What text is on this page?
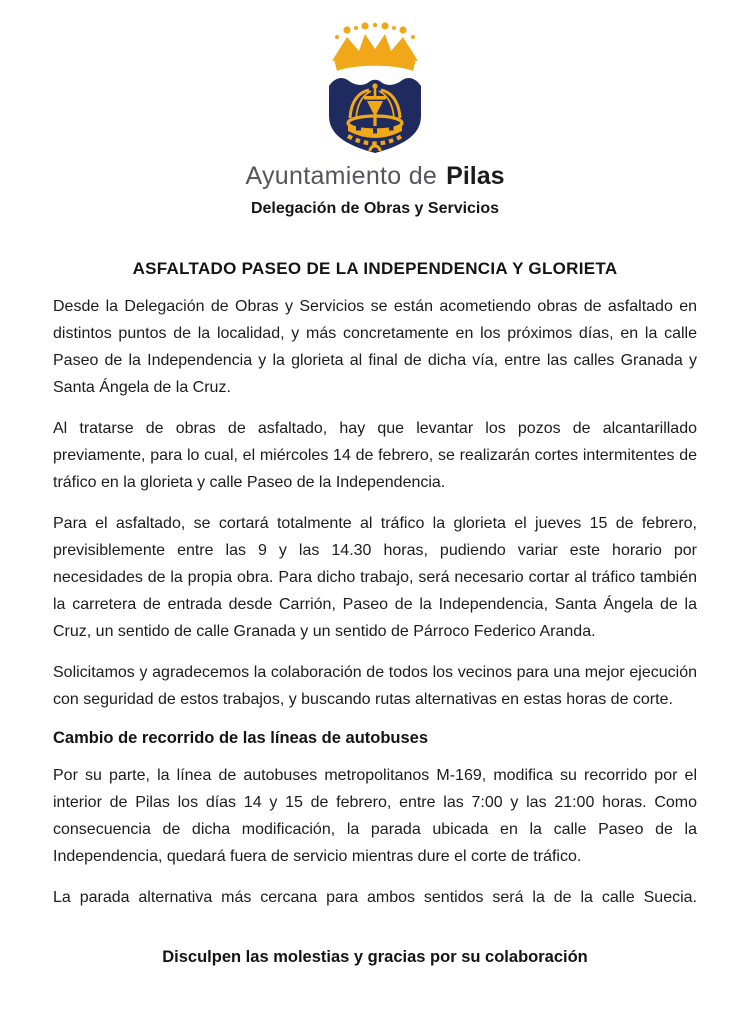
Ayuntamiento de Pilas
Delegación de Obras y Servicios
ASFALTADO PASEO DE LA INDEPENDENCIA Y GLORIETA

Desde la Delegación de Obras y Servicios se están acometiendo obras de asfaltado en distintos puntos de la localidad, y más concretamente en los próximos días, en la calle Paseo de la Independencia y la glorieta al final de dicha vía, entre las calles Granada y Santa Ángela de la Cruz.

Al tratarse de obras de asfaltado, hay que levantar los pozos de alcantarillado previamente, para lo cual, el miércoles 14 de febrero, se realizarán cortes intermitentes de tráfico en la glorieta y calle Paseo de la Independencia.

Para el asfaltado, se cortará totalmente al tráfico la glorieta el jueves 15 de febrero, previsiblemente entre las 9 y las 14.30 horas, pudiendo variar este horario por necesidades de la propia obra. Para dicho trabajo, será necesario cortar al tráfico también la carretera de entrada desde Carrión, Paseo de la Independencia, Santa Ángela de la Cruz, un sentido de calle Granada y un sentido de Párroco Federico Aranda.

Solicitamos y agradecemos la colaboración de todos los vecinos para una mejor ejecución con seguridad de estos trabajos, y buscando rutas alternativas en estas horas de corte.

Cambio de recorrido de las líneas de autobuses

Por su parte, la línea de autobuses metropolitanos M-169, modifica su recorrido por el interior de Pilas los días 14 y 15 de febrero, entre las 7:00 y las 21:00 horas. Como consecuencia de dicha modificación, la parada ubicada en la calle Paseo de la Independencia, quedará fuera de servicio mientras dure el corte de tráfico.

La parada alternativa más cercana para ambos sentidos será la de la calle Suecia.

Disculpen las molestias y gracias por su colaboración
